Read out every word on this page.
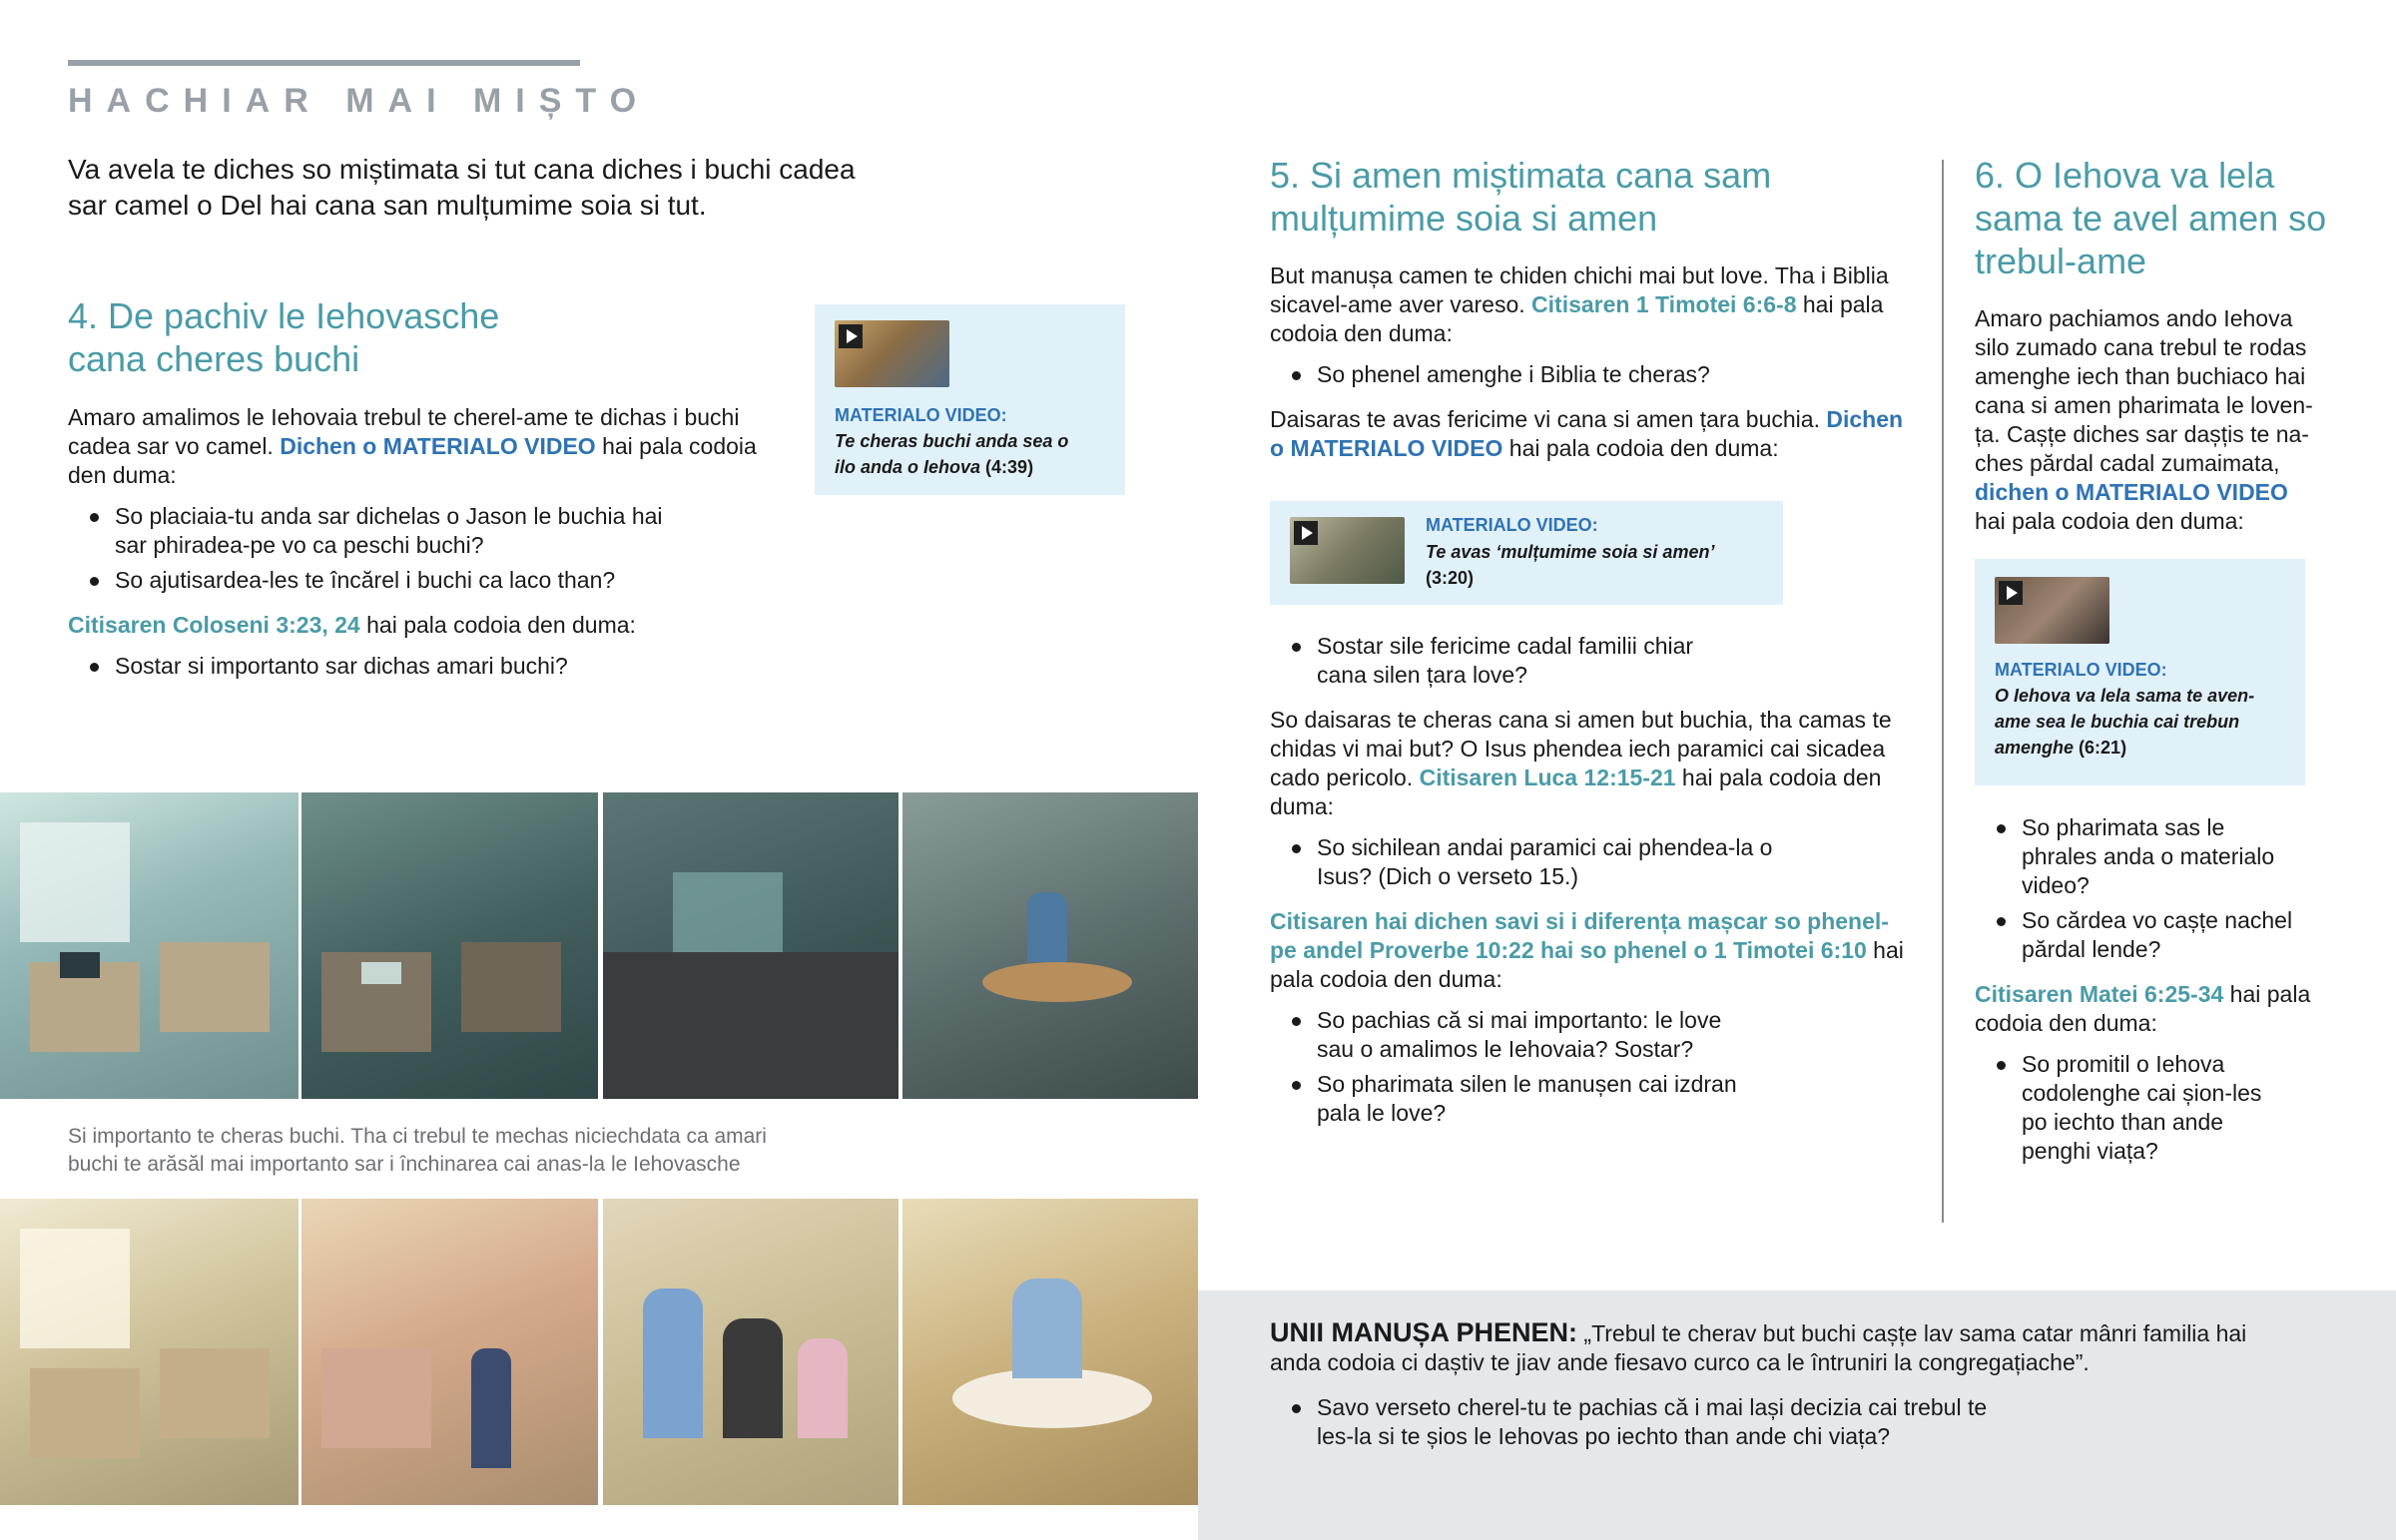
HACHIAR MAI MIȘTO
Va avela te diches so miștimata si tut cana diches i buchi cadea sar camel o Del hai cana san mulțumime soia si tut.
4. De pachiv le Iehovasche
cana cheres buchi
Amaro amalimos le Iehovaia trebul te cherel-ame te dichas i buchi cadea sar vo camel. Dichen o MATERIALO VIDEO hai pala codoia den duma:
So placiaia-tu anda sar dichelas o Jason le buchia hai sar phiradea-pe vo ca peschi buchi?
So ajutisardea-les te încărel i buchi ca laco than?
Citisaren Coloseni 3:23, 24 hai pala codoia den duma:
Sostar si importanto sar dichas amari buchi?
MATERIALO VIDEO:
Te cheras buchi anda sea o ilo anda o Iehova (4:39)
Si importanto te cheras buchi. Tha ci trebul te mechas niciechdata ca amari buchi te arăsăl mai importanto sar i închinarea cai anas-la le Iehovasche
5. Si amen miștimata cana sam mulțumime soia si amen
But manușa camen te chiden chichi mai but love. Tha i Biblia sicavel-ame aver vareso. Citisaren 1 Timotei 6:6-8 hai pala codoia den duma:
So phenel amenghe i Biblia te cheras?
Daisaras te avas fericime vi cana si amen țara buchia. Dichen o MATERIALO VIDEO hai pala codoia den duma:
MATERIALO VIDEO:
Te avas ‘mulțumime soia si amen’
(3:20)
Sostar sile fericime cadal familii chiar cana silen țara love?
So daisaras te cheras cana si amen but buchia, tha camas te chidas vi mai but? O Isus phendea iech paramici cai sicadea cado pericolo. Citisaren Luca 12:15-21 hai pala codoia den duma:
So sichilean andai paramici cai phendea-la o Isus? (Dich o verseto 15.)
Citisaren hai dichen savi si i diferența mașcar so phenel-pe andel Proverbe 10:22 hai so phenel o 1 Timotei 6:10 hai pala codoia den duma:
So pachias că si mai importanto: le love sau o amalimos le Iehovaia? Sostar?
So pharimata silen le manușen cai izdran pala le love?
6. O Iehova va lela sama te avel amen so trebul-ame
Amaro pachiamos ando Iehova silo zumado cana trebul te rodas amenghe iech than buchiaco hai cana si amen pharimata le loven-ța. Cașțe diches sar dașțis te na-ches părdal cadal zumaimata, dichen o MATERIALO VIDEO hai pala codoia den duma:
MATERIALO VIDEO:
O Iehova va lela sama te aven-ame sea le buchia cai trebun amenghe (6:21)
So pharimata sas le phrales anda o materialo video?
So cărdea vo cașțe nachel părdal lende?
Citisaren Matei 6:25-34 hai pala codoia den duma:
So promitil o Iehova codolenghe cai șion-les po iechto than ande penghi viața?
UNII MANUȘA PHENEN: „Trebul te cherav but buchi cașțe lav sama catar mânri familia hai anda codoia ci daștiv te jiav ande fiesavo curco ca le întruniri la congregațiache”.
Savo verseto cherel-tu te pachias că i mai lași decizia cai trebul te les-la si te șios le Iehovas po iechto than ande chi viața?
